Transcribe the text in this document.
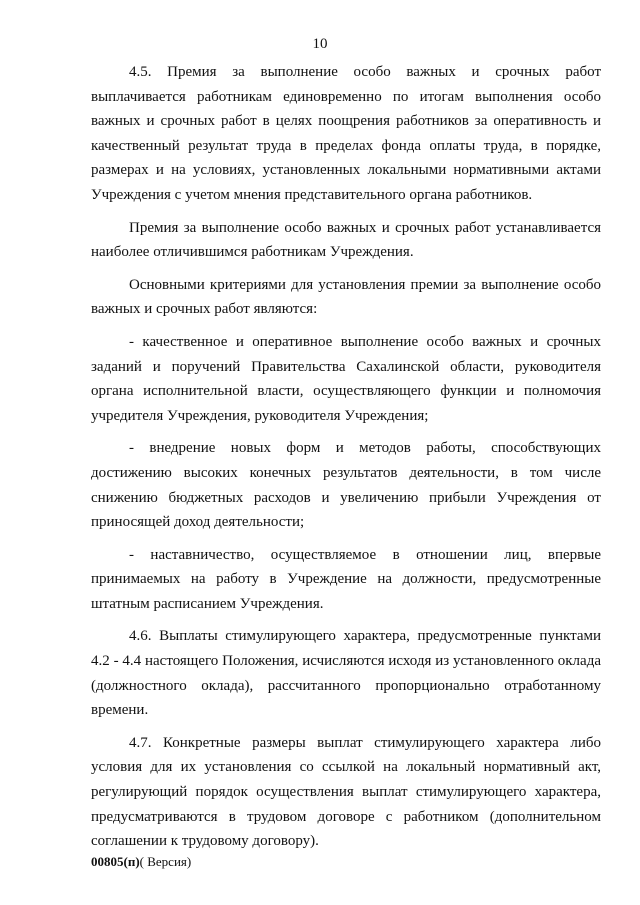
10

4.5. Премия за выполнение особо важных и срочных работ выплачивается работникам единовременно по итогам выполнения особо важных и срочных работ в целях поощрения работников за оперативность и качественный результат труда в пределах фонда оплаты труда, в порядке, размерах и на условиях, установленных локальными нормативными актами Учреждения с учетом мнения представительного органа работников.

Премия за выполнение особо важных и срочных работ устанавливается наиболее отличившимся работникам Учреждения.

Основными критериями для установления премии за выполнение особо важных и срочных работ являются:

- качественное и оперативное выполнение особо важных и срочных заданий и поручений Правительства Сахалинской области, руководителя органа исполнительной власти, осуществляющего функции и полномочия учредителя Учреждения, руководителя Учреждения;

- внедрение новых форм и методов работы, способствующих достижению высоких конечных результатов деятельности, в том числе снижению бюджетных расходов и увеличению прибыли Учреждения от приносящей доход деятельности;

- наставничество, осуществляемое в отношении лиц, впервые принимаемых на работу в Учреждение на должности, предусмотренные штатным расписанием Учреждения.

4.6. Выплаты стимулирующего характера, предусмотренные пунктами 4.2 - 4.4 настоящего Положения, исчисляются исходя из установленного оклада (должностного оклада), рассчитанного пропорционально отработанному времени.

4.7. Конкретные размеры выплат стимулирующего характера либо условия для их установления со ссылкой на локальный нормативный акт, регулирующий порядок осуществления выплат стимулирующего характера, предусматриваются в трудовом договоре с работником (дополнительном соглашении к трудовому договору).

00805(п)( Версия)
